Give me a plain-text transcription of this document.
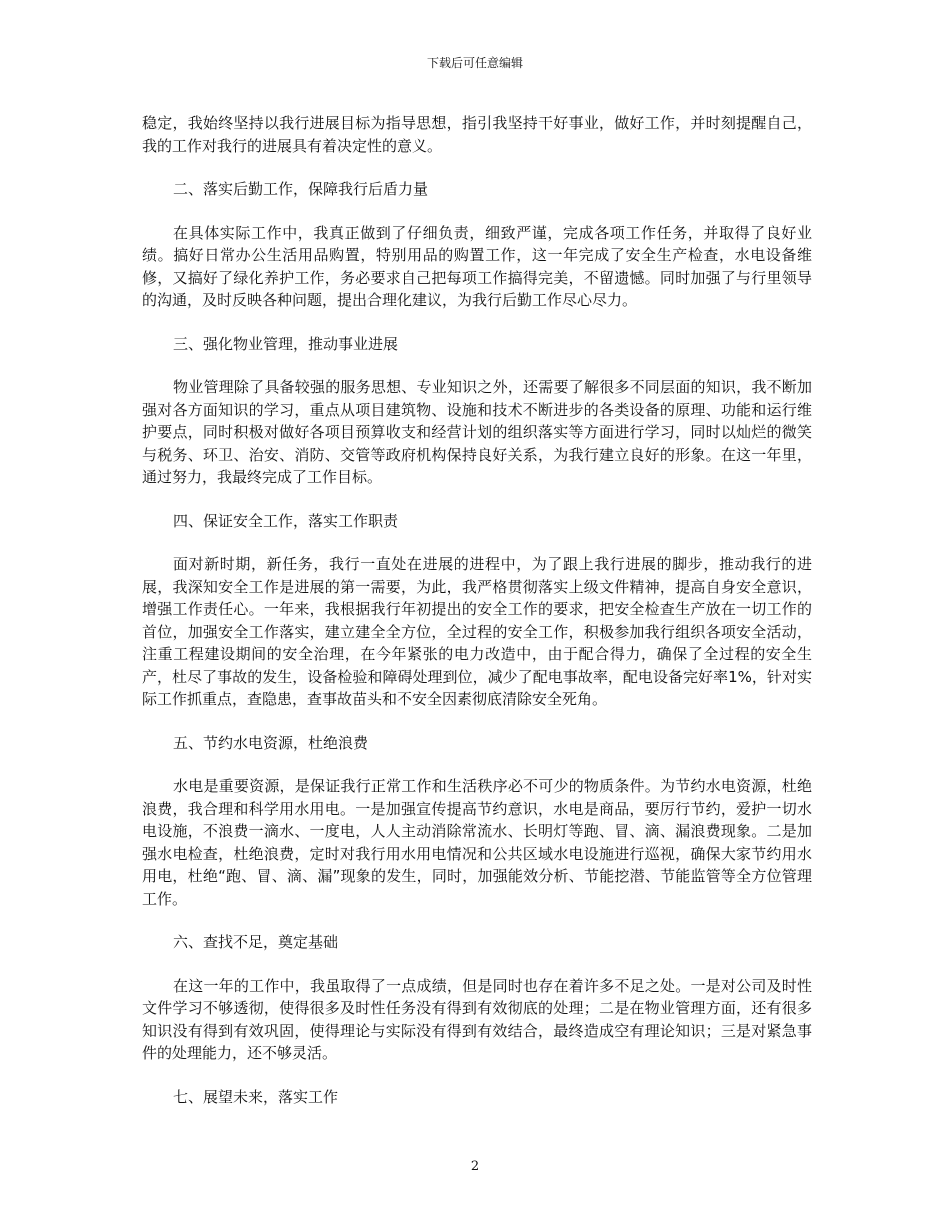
下载后可任意编辑

稳定，我始终坚持以我行进展目标为指导思想，指引我坚持干好事业，做好工作，并时刻提醒自己，我的工作对我行的进展具有着决定性的意义。

二、落实后勤工作，保障我行后盾力量

在具体实际工作中，我真正做到了仔细负责，细致严谨，完成各项工作任务，并取得了良好业绩。搞好日常办公生活用品购置，特别用品的购置工作，这一年完成了安全生产检查，水电设备维修，又搞好了绿化养护工作，务必要求自己把每项工作搞得完美，不留遗憾。同时加强了与行里领导的沟通，及时反映各种问题，提出合理化建议，为我行后勤工作尽心尽力。

三、强化物业管理，推动事业进展

物业管理除了具备较强的服务思想、专业知识之外，还需要了解很多不同层面的知识，我不断加强对各方面知识的学习，重点从项目建筑物、设施和技术不断进步的各类设备的原理、功能和运行维护要点，同时积极对做好各项目预算收支和经营计划的组织落实等方面进行学习，同时以灿烂的微笑与税务、环卫、治安、消防、交管等政府机构保持良好关系，为我行建立良好的形象。在这一年里，通过努力，我最终完成了工作目标。

四、保证安全工作，落实工作职责

面对新时期，新任务，我行一直处在进展的进程中，为了跟上我行进展的脚步，推动我行的进展，我深知安全工作是进展的第一需要，为此，我严格贯彻落实上级文件精神，提高自身安全意识，增强工作责任心。一年来，我根据我行年初提出的安全工作的要求，把安全检查生产放在一切工作的首位，加强安全工作落实，建立建全全方位，全过程的安全工作，积极参加我行组织各项安全活动，注重工程建设期间的安全治理，在今年紧张的电力改造中，由于配合得力，确保了全过程的安全生产，杜尽了事故的发生，设备检验和障碍处理到位，减少了配电事故率，配电设备完好率1%，针对实际工作抓重点，查隐患，查事故苗头和不安全因素彻底清除安全死角。

五、节约水电资源，杜绝浪费

水电是重要资源，是保证我行正常工作和生活秩序必不可少的物质条件。为节约水电资源，杜绝浪费，我合理和科学用水用电。一是加强宣传提高节约意识，水电是商品，要厉行节约，爱护一切水电设施，不浪费一滴水、一度电，人人主动消除常流水、长明灯等跑、冒、滴、漏浪费现象。二是加强水电检查，杜绝浪费，定时对我行用水用电情况和公共区域水电设施进行巡视，确保大家节约用水用电，杜绝“跑、冒、滴、漏”现象的发生，同时，加强能效分析、节能挖潜、节能监管等全方位管理工作。

六、查找不足，奠定基础

在这一年的工作中，我虽取得了一点成绩，但是同时也存在着许多不足之处。一是对公司及时性文件学习不够透彻，使得很多及时性任务没有得到有效彻底的处理；二是在物业管理方面，还有很多知识没有得到有效巩固，使得理论与实际没有得到有效结合，最终造成空有理论知识；三是对紧急事件的处理能力，还不够灵活。

七、展望未来，落实工作

2
